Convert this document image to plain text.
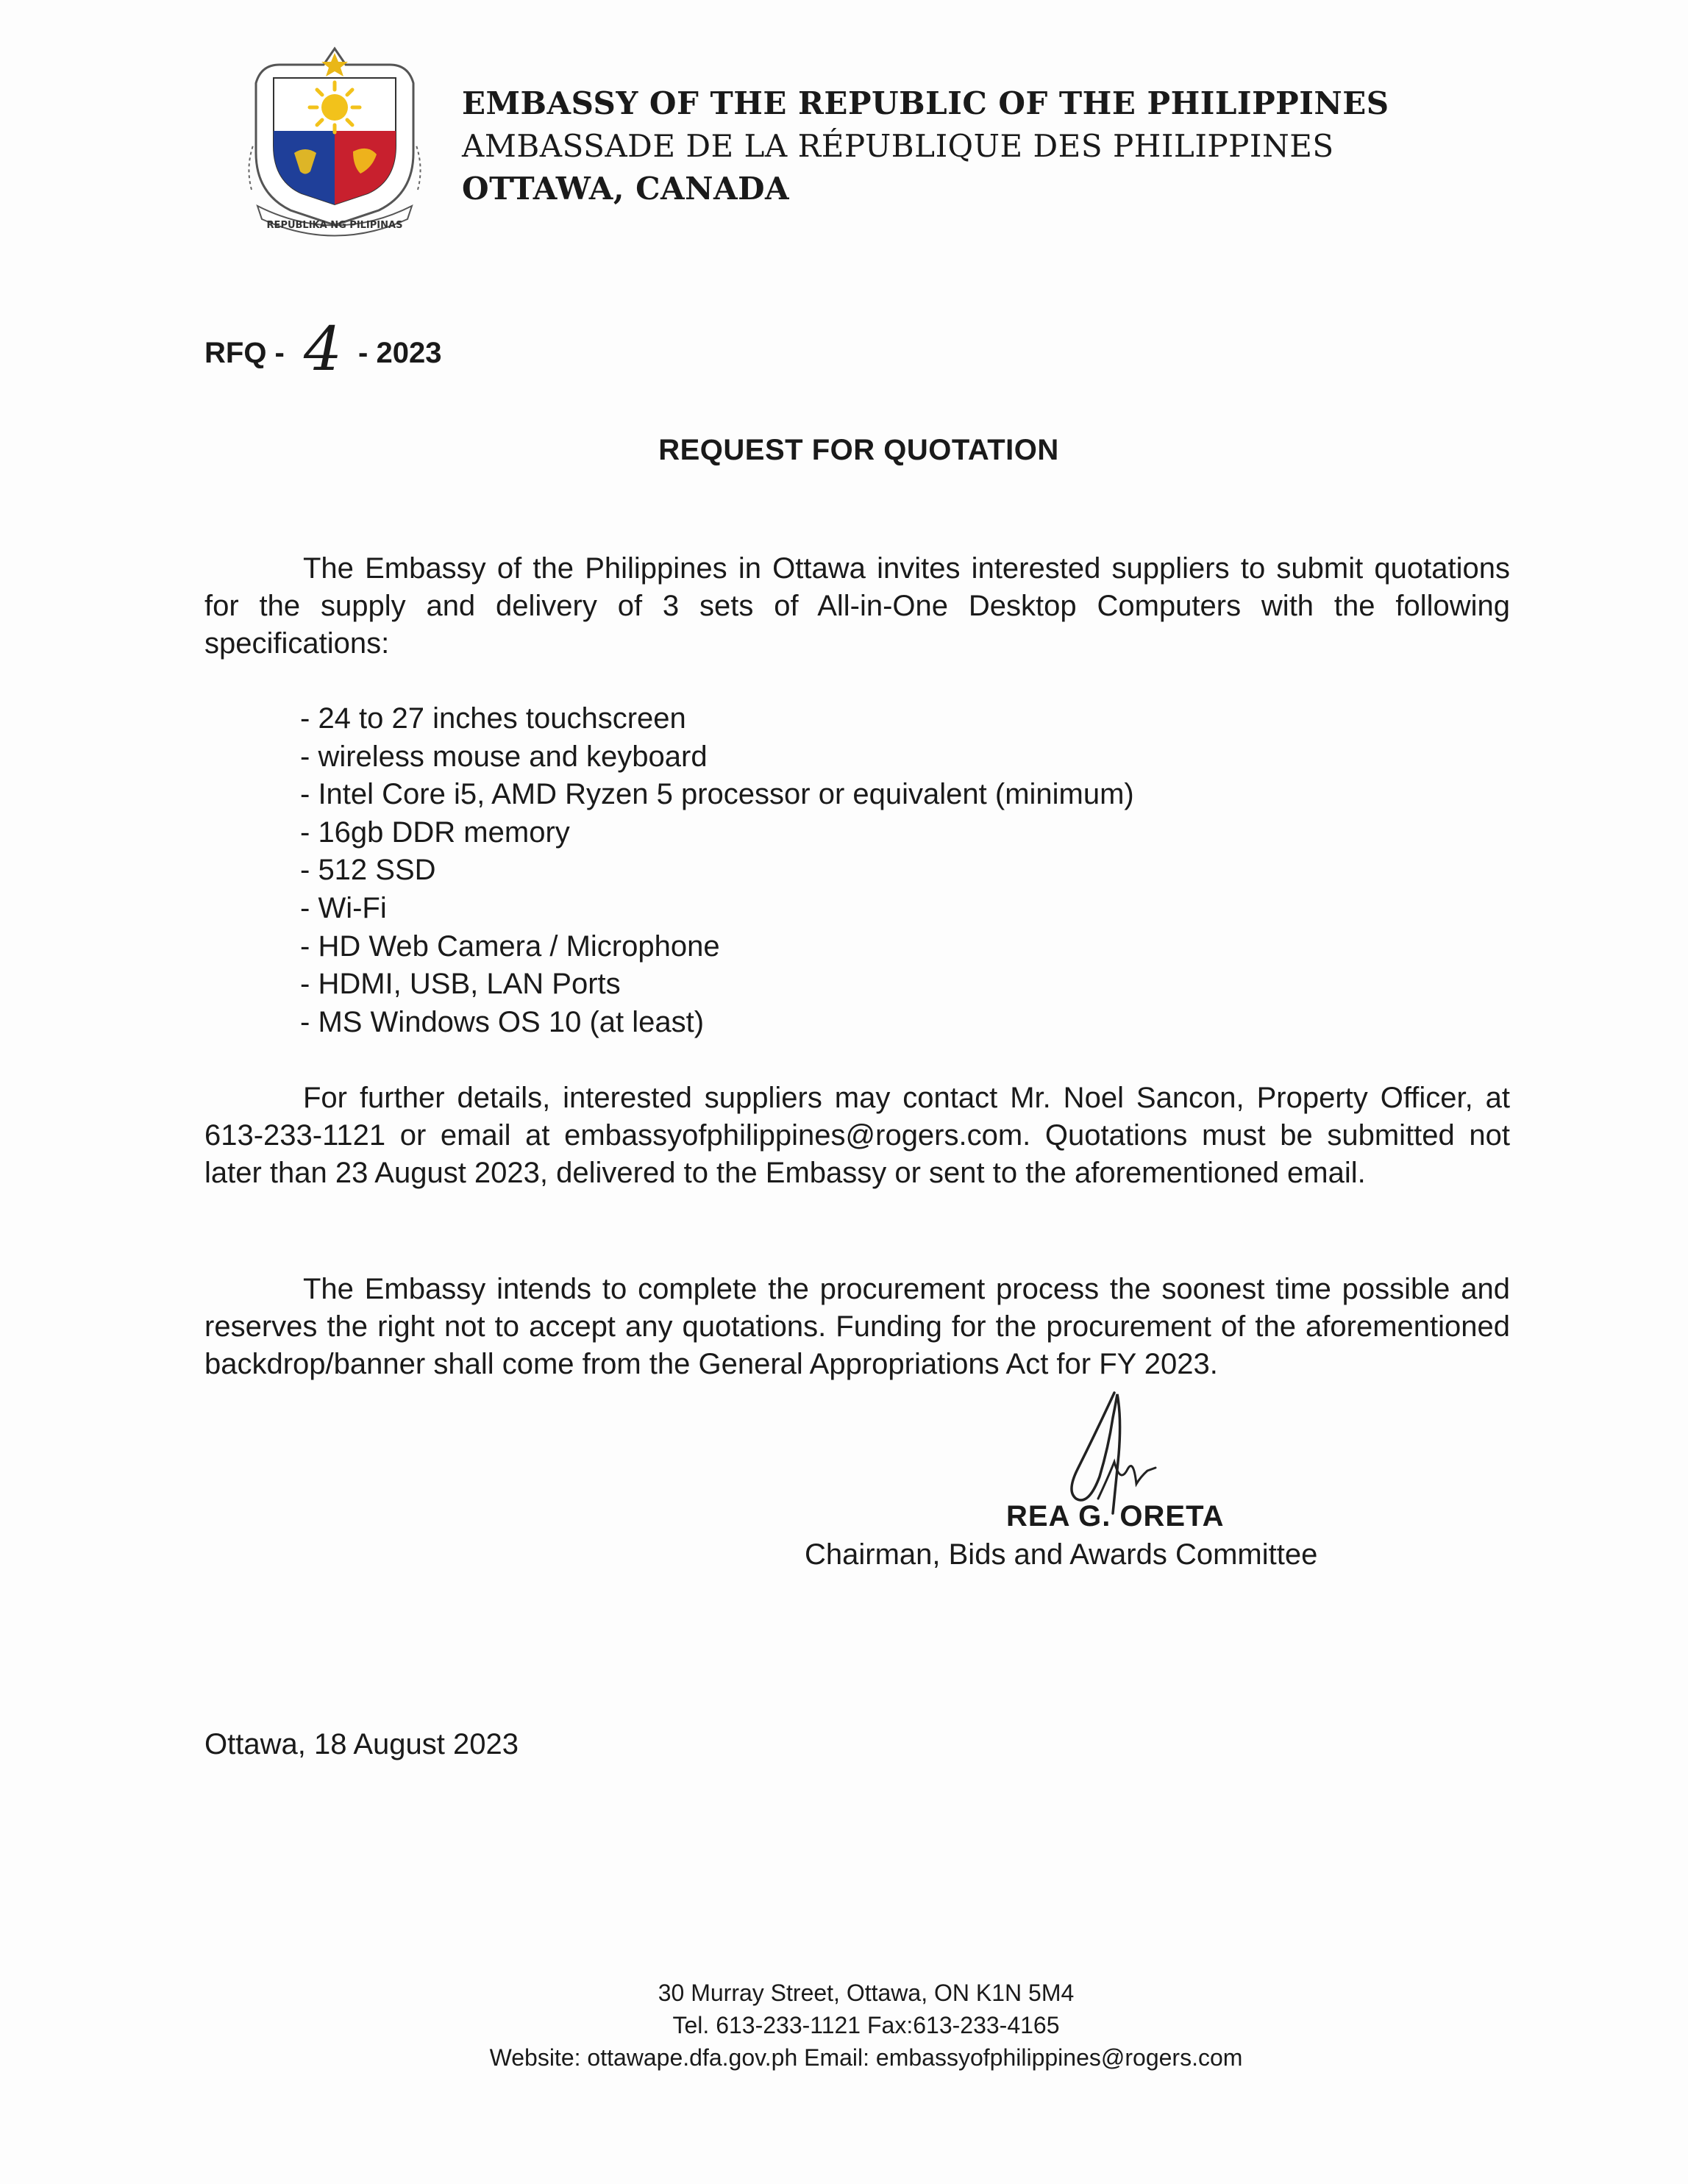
REPUBLIKA NG PILIPINAS
EMBASSY OF THE REPUBLIC OF THE PHILIPPINES
AMBASSADE DE LA RÉPUBLIQUE DES PHILIPPINES
OTTAWA, CANADA
RFQ - 4 - 2023
REQUEST FOR QUOTATION
The Embassy of the Philippines in Ottawa invites interested suppliers to submit quotations for the supply and delivery of 3 sets of All-in-One Desktop Computers with the following specifications:
- 24 to 27 inches touchscreen
- wireless mouse and keyboard
- Intel Core i5, AMD Ryzen 5 processor or equivalent (minimum)
- 16gb DDR memory
- 512 SSD
- Wi-Fi
- HD Web Camera / Microphone
- HDMI, USB, LAN Ports
- MS Windows OS 10 (at least)
For further details, interested suppliers may contact Mr. Noel Sancon, Property Officer, at 613-233-1121 or email at embassyofphilippines@rogers.com. Quotations must be submitted not later than 23 August 2023, delivered to the Embassy or sent to the aforementioned email.
The Embassy intends to complete the procurement process the soonest time possible and reserves the right not to accept any quotations. Funding for the procurement of the aforementioned backdrop/banner shall come from the General Appropriations Act for FY 2023.
REA G. ORETA
Chairman, Bids and Awards Committee
Ottawa, 18 August 2023
30 Murray Street, Ottawa, ON K1N 5M4
Tel. 613-233-1121 Fax:613-233-4165
Website: ottawape.dfa.gov.ph Email: embassyofphilippines@rogers.com
